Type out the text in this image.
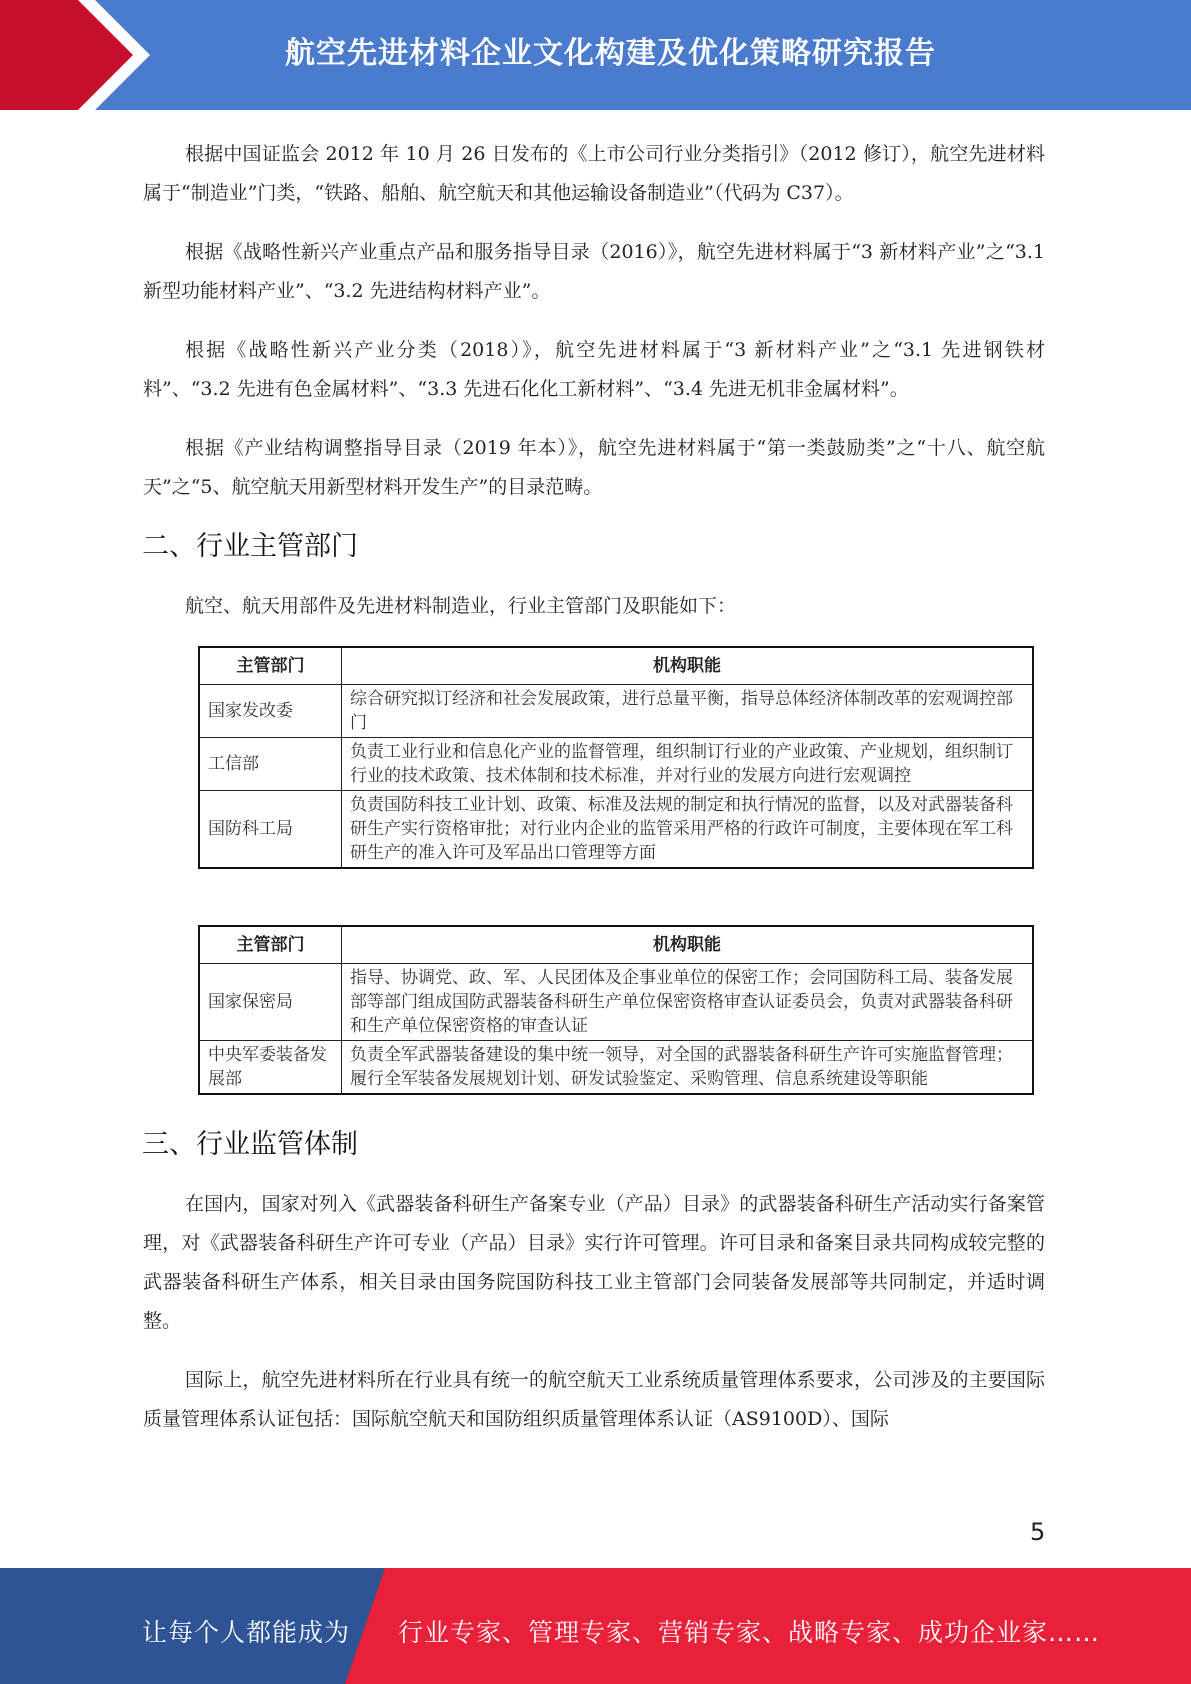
航空先进材料企业文化构建及优化策略研究报告

根据中国证监会 2012 年 10 月 26 日发布的《上市公司行业分类指引》（2012 修订），航空先进材料属于“制造业”门类，“铁路、船舶、航空航天和其他运输设备制造业”（代码为 C37）。

根据《战略性新兴产业重点产品和服务指导目录（2016）》，航空先进材料属于“3 新材料产业”之“3.1 新型功能材料产业”、“3.2 先进结构材料产业”。

根据《战略性新兴产业分类（2018）》，航空先进材料属于“3 新材料产业”之“3.1 先进钢铁材料”、“3.2 先进有色金属材料”、“3.3 先进石化化工新材料”、“3.4 先进无机非金属材料”。

根据《产业结构调整指导目录（2019 年本）》，航空先进材料属于“第一类鼓励类”之“十八、航空航天”之“5、航空航天用新型材料开发生产”的目录范畴。

二、行业主管部门

航空、航天用部件及先进材料制造业，行业主管部门及职能如下：

主管部门	机构职能
国家发改委	综合研究拟订经济和社会发展政策，进行总量平衡，指导总体经济体制改革的宏观调控部门
工信部	负责工业行业和信息化产业的监督管理，组织制订行业的产业政策、产业规划，组织制订行业的技术政策、技术体制和技术标准，并对行业的发展方向进行宏观调控
国防科工局	负责国防科技工业计划、政策、标准及法规的制定和执行情况的监督，以及对武器装备科研生产实行资格审批；对行业内企业的监管采用严格的行政许可制度，主要体现在军工科研生产的准入许可及军品出口管理等方面
主管部门	机构职能
国家保密局	指导、协调党、政、军、人民团体及企事业单位的保密工作；会同国防科工局、装备发展部等部门组成国防武器装备科研生产单位保密资格审查认证委员会，负责对武器装备科研和生产单位保密资格的审查认证
中央军委装备发展部	负责全军武器装备建设的集中统一领导，对全国的武器装备科研生产许可实施监督管理；履行全军装备发展规划计划、研发试验鉴定、采购管理、信息系统建设等职能
三、行业监管体制

在国内，国家对列入《武器装备科研生产备案专业（产品）目录》的武器装备科研生产活动实行备案管理，对《武器装备科研生产许可专业（产品）目录》实行许可管理。许可目录和备案目录共同构成较完整的武器装备科研生产体系，相关目录由国务院国防科技工业主管部门会同装备发展部等共同制定，并适时调整。

国际上，航空先进材料所在行业具有统一的航空航天工业系统质量管理体系要求，公司涉及的主要国际质量管理体系认证包括：国际航空航天和国防组织质量管理体系认证（AS9100D）、国际

5
让每个人都能成为 行业专家、管理专家、营销专家、战略专家、成功企业家……
